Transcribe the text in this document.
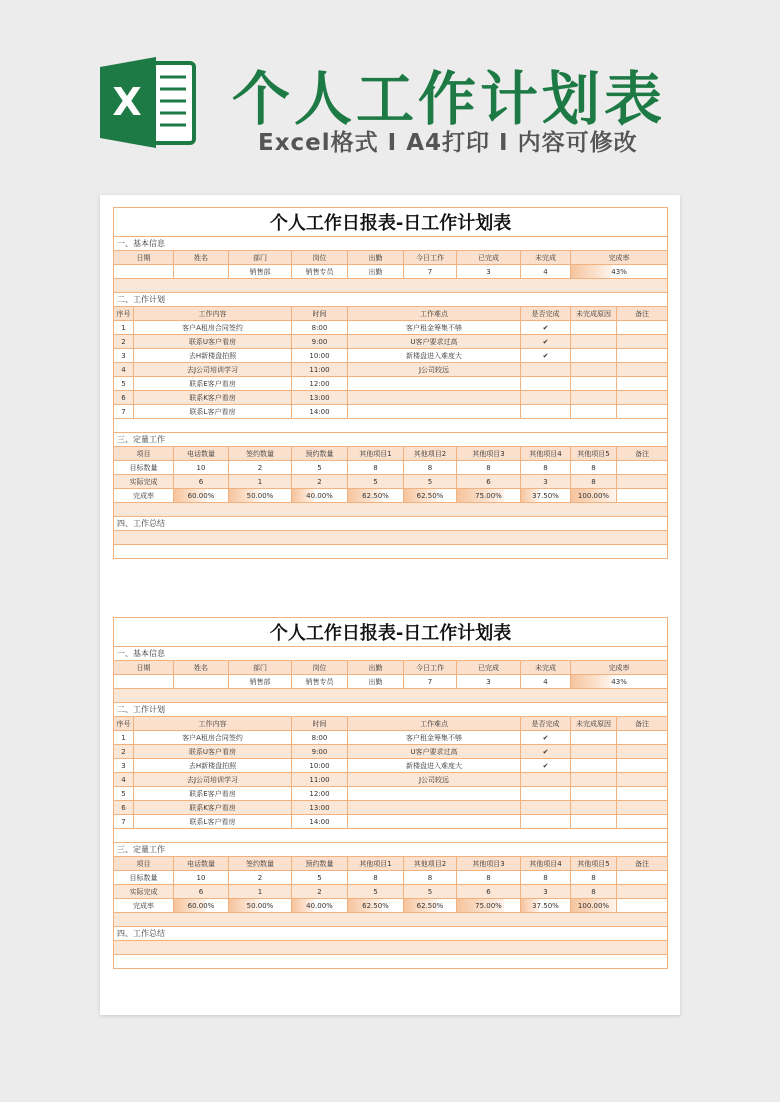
X 个人工作计划表
Excel格式 I A4打印 I 内容可修改
个人工作日报表-日工作计划表										
一、基本信息										
日期		姓名	部门	岗位	出勤	今日工作	已完成	未完成	完成率	
			销售部	销售专员	出勤	7	3	4	43%	

二、工作计划										
序号	工作内容			时间	工作难点			是否完成	未完成原因	备注
1	客户A租房合同签约			8:00	客户租金筹集不够			✔		
2	联系U客户看房			9:00	U客户要求过高			✔		
3	去H新楼盘拍照			10:00	新楼盘进入难度大			✔		
4	去J公司培训学习			11:00	J公司较远					
5	联系E客户看房			12:00						
6	联系K客户看房			13:00						
7	联系L客户看房			14:00						

三、定量工作										
项目		电话数量	签约数量	预约数量	其他项目1	其他项目2	其他项目3	其他项目4	其他项目5	备注
目标数量		10	2	5	8	8	8	8	8	
实际完成		6	1	2	5	5	6	3	8	
完成率		60.00%	50.00%	40.00%	62.50%	62.50%	75.00%	37.50%	100.00%	

四、工作总结										

个人工作日报表-日工作计划表										
一、基本信息										
日期		姓名	部门	岗位	出勤	今日工作	已完成	未完成	完成率	
			销售部	销售专员	出勤	7	3	4	43%	

二、工作计划										
序号	工作内容			时间	工作难点			是否完成	未完成原因	备注
1	客户A租房合同签约			8:00	客户租金筹集不够			✔		
2	联系U客户看房			9:00	U客户要求过高			✔		
3	去H新楼盘拍照			10:00	新楼盘进入难度大			✔		
4	去J公司培训学习			11:00	J公司较远					
5	联系E客户看房			12:00						
6	联系K客户看房			13:00						
7	联系L客户看房			14:00						

三、定量工作										
项目		电话数量	签约数量	预约数量	其他项目1	其他项目2	其他项目3	其他项目4	其他项目5	备注
目标数量		10	2	5	8	8	8	8	8	
实际完成		6	1	2	5	5	6	3	8	
完成率		60.00%	50.00%	40.00%	62.50%	62.50%	75.00%	37.50%	100.00%	

四、工作总结										
